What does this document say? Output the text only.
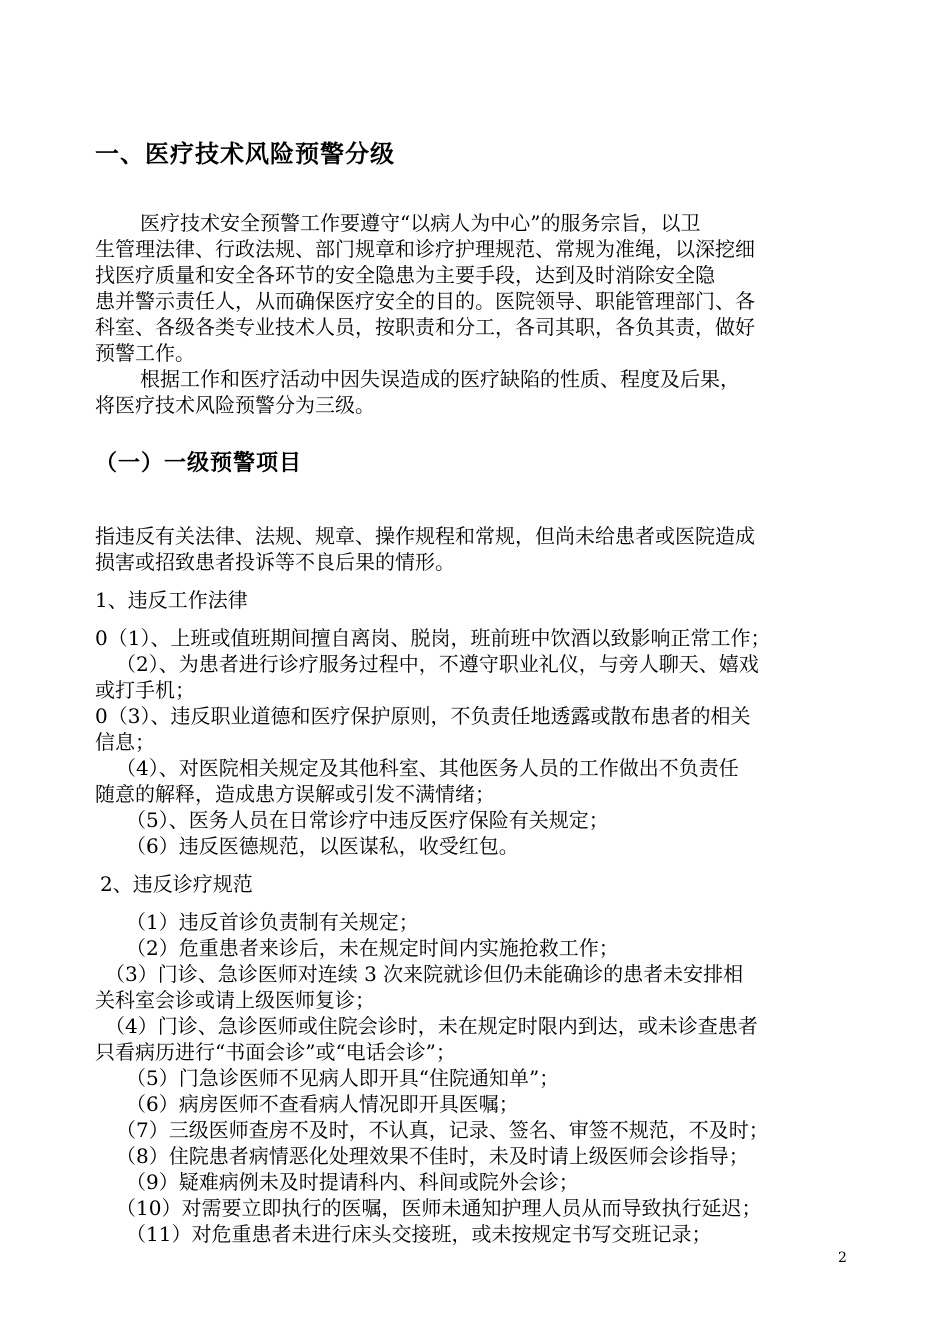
一、医疗技术风险预警分级
医疗技术安全预警工作要遵守“以病人为中心”的服务宗旨，以卫
生管理法律、行政法规、部门规章和诊疗护理规范、常规为准绳，以深挖细
找医疗质量和安全各环节的安全隐患为主要手段，达到及时消除安全隐
患并警示责任人，从而确保医疗安全的目的。医院领导、职能管理部门、各
科室、各级各类专业技术人员，按职责和分工，各司其职，各负其责，做好
预警工作。
根据工作和医疗活动中因失误造成的医疗缺陷的性质、程度及后果，
将医疗技术风险预警分为三级。
（一）一级预警项目
指违反有关法律、法规、规章、操作规程和常规，但尚未给患者或医院造成
损害或招致患者投诉等不良后果的情形。
1、违反工作法律
0（1）、上班或值班期间擅自离岗、脱岗，班前班中饮酒以致影响正常工作；
（2）、为患者进行诊疗服务过程中，不遵守职业礼仪，与旁人聊天、嬉戏
或打手机；
0（3）、违反职业道德和医疗保护原则，不负责任地透露或散布患者的相关
信息；
（4）、对医院相关规定及其他科室、其他医务人员的工作做出不负责任
随意的解释，造成患方误解或引发不满情绪；
（5）、医务人员在日常诊疗中违反医疗保险有关规定；
（6）违反医德规范，以医谋私，收受红包。
2、违反诊疗规范
（1）违反首诊负责制有关规定；
（2）危重患者来诊后，未在规定时间内实施抢救工作；
（3）门诊、急诊医师对连续 3 次来院就诊但仍未能确诊的患者未安排相
关科室会诊或请上级医师复诊；
（4）门诊、急诊医师或住院会诊时，未在规定时限内到达，或未诊查患者
只看病历进行“书面会诊”或“电话会诊”；
（5）门急诊医师不见病人即开具“住院通知单”；
（6）病房医师不查看病人情况即开具医嘱；
（7）三级医师查房不及时，不认真，记录、签名、审签不规范，不及时；
（8）住院患者病情恶化处理效果不佳时，未及时请上级医师会诊指导；
（9）疑难病例未及时提请科内、科间或院外会诊；
（10）对需要立即执行的医嘱，医师未通知护理人员从而导致执行延迟；
（11）对危重患者未进行床头交接班，或未按规定书写交班记录；
2
